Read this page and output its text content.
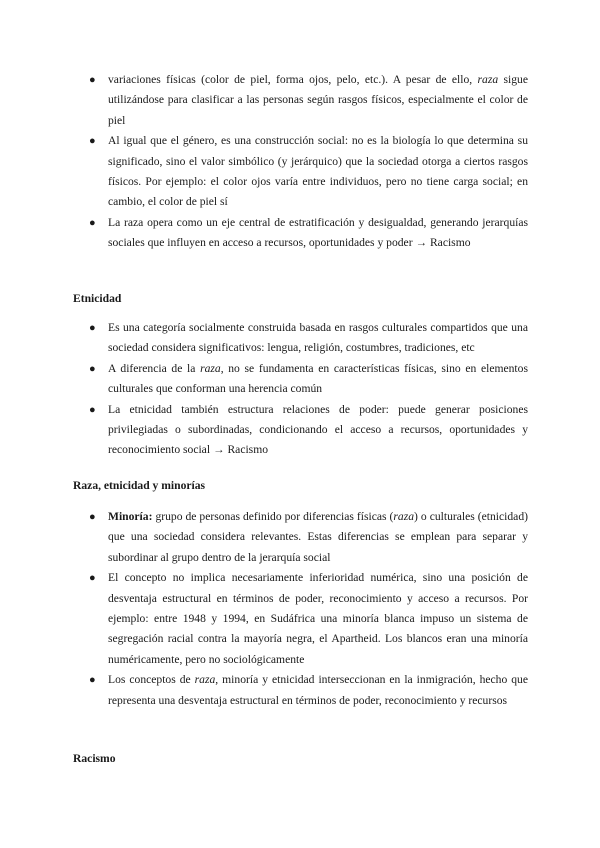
● variaciones físicas (color de piel, forma ojos, pelo, etc.). A pesar de ello, raza sigue utilizándose para clasificar a las personas según rasgos físicos, especialmente el color de piel
● Al igual que el género, es una construcción social: no es la biología lo que determina su significado, sino el valor simbólico (y jerárquico) que la sociedad otorga a ciertos rasgos físicos. Por ejemplo: el color ojos varía entre individuos, pero no tiene carga social; en cambio, el color de piel sí
● La raza opera como un eje central de estratificación y desigualdad, generando jerarquías sociales que influyen en acceso a recursos, oportunidades y poder → Racismo
Etnicidad
● Es una categoría socialmente construida basada en rasgos culturales compartidos que una sociedad considera significativos: lengua, religión, costumbres, tradiciones, etc
● A diferencia de la raza, no se fundamenta en características físicas, sino en elementos culturales que conforman una herencia común
● La etnicidad también estructura relaciones de poder: puede generar posiciones privilegiadas o subordinadas, condicionando el acceso a recursos, oportunidades y reconocimiento social → Racismo
Raza, etnicidad y minorías
● Minoría: grupo de personas definido por diferencias físicas (raza) o culturales (etnicidad) que una sociedad considera relevantes. Estas diferencias se emplean para separar y subordinar al grupo dentro de la jerarquía social
● El concepto no implica necesariamente inferioridad numérica, sino una posición de desventaja estructural en términos de poder, reconocimiento y acceso a recursos. Por ejemplo: entre 1948 y 1994, en Sudáfrica una minoría blanca impuso un sistema de segregación racial contra la mayoría negra, el Apartheid. Los blancos eran una minoría numéricamente, pero no sociológicamente
● Los conceptos de raza, minoría y etnicidad interseccionan en la inmigración, hecho que representa una desventaja estructural en términos de poder, reconocimiento y recursos
Racismo
